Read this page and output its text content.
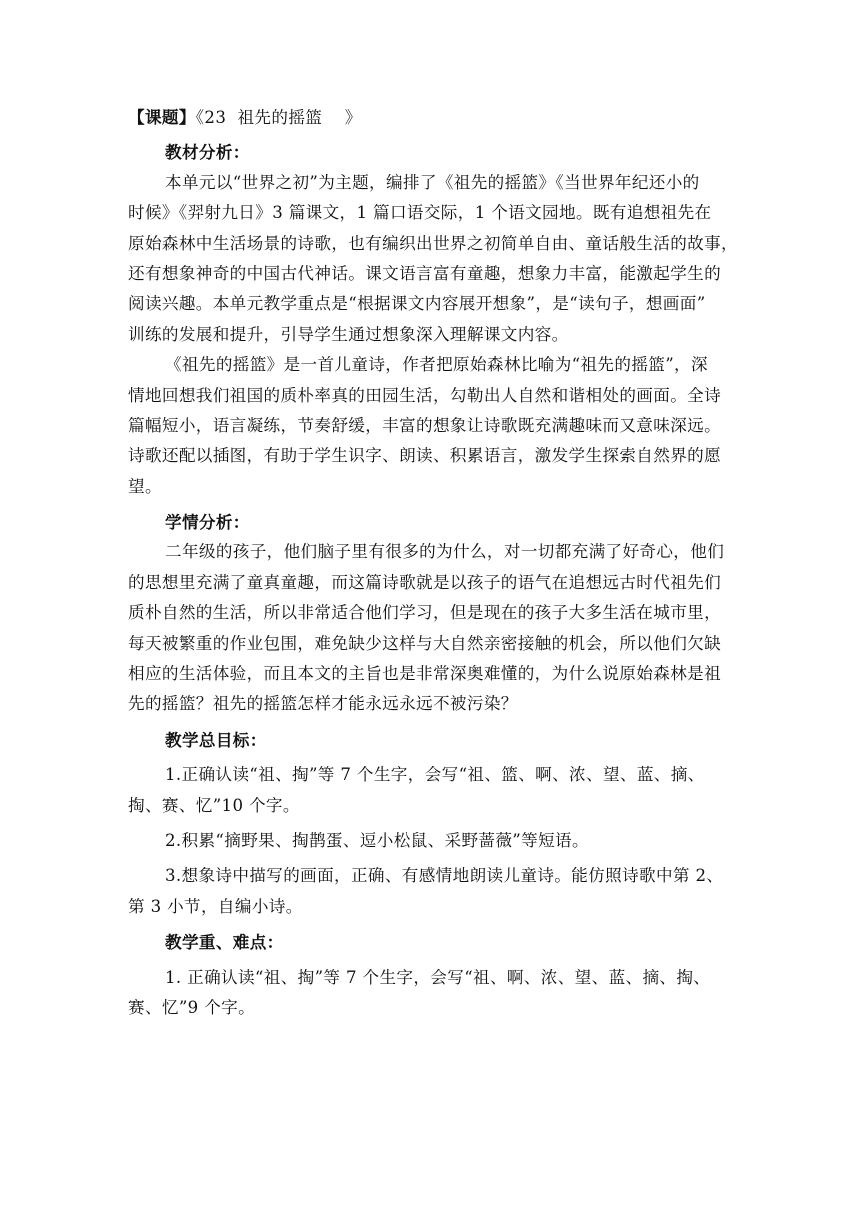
【课题】《23  祖先的摇篮    》

教材分析：

本单元以“世界之初”为主题，编排了《祖先的摇篮》《当世界年纪还小的

时候》《羿射九日》3 篇课文，1 篇口语交际，1 个语文园地。既有追想祖先在

原始森林中生活场景的诗歌，也有编织出世界之初简单自由、童话般生活的故事，

还有想象神奇的中国古代神话。课文语言富有童趣，想象力丰富，能激起学生的

阅读兴趣。本单元教学重点是“根据课文内容展开想象”，是“读句子，想画面”

训练的发展和提升，引导学生通过想象深入理解课文内容。

《祖先的摇篮》是一首儿童诗，作者把原始森林比喻为“祖先的摇篮”，深

情地回想我们祖国的质朴率真的田园生活，勾勒出人自然和谐相处的画面。全诗

篇幅短小，语言凝练，节奏舒缓，丰富的想象让诗歌既充满趣味而又意味深远。

诗歌还配以插图，有助于学生识字、朗读、积累语言，激发学生探索自然界的愿

望。

学情分析：

二年级的孩子，他们脑子里有很多的为什么，对一切都充满了好奇心，他们

的思想里充满了童真童趣，而这篇诗歌就是以孩子的语气在追想远古时代祖先们

质朴自然的生活，所以非常适合他们学习，但是现在的孩子大多生活在城市里，

每天被繁重的作业包围，难免缺少这样与大自然亲密接触的机会，所以他们欠缺

相应的生活体验，而且本文的主旨也是非常深奥难懂的，为什么说原始森林是祖

先的摇篮？祖先的摇篮怎样才能永远永远不被污染？

教学总目标：

1.正确认读“祖、掏”等 7 个生字，会写“祖、篮、啊、浓、望、蓝、摘、

掏、赛、忆”10 个字。

2.积累“摘野果、掏鹊蛋、逗小松鼠、采野蔷薇”等短语。

3.想象诗中描写的画面，正确、有感情地朗读儿童诗。能仿照诗歌中第 2、

第 3 小节，自编小诗。

教学重、难点：

1. 正确认读“祖、掏”等 7 个生字，会写“祖、啊、浓、望、蓝、摘、掏、

赛、忆”9 个字。
